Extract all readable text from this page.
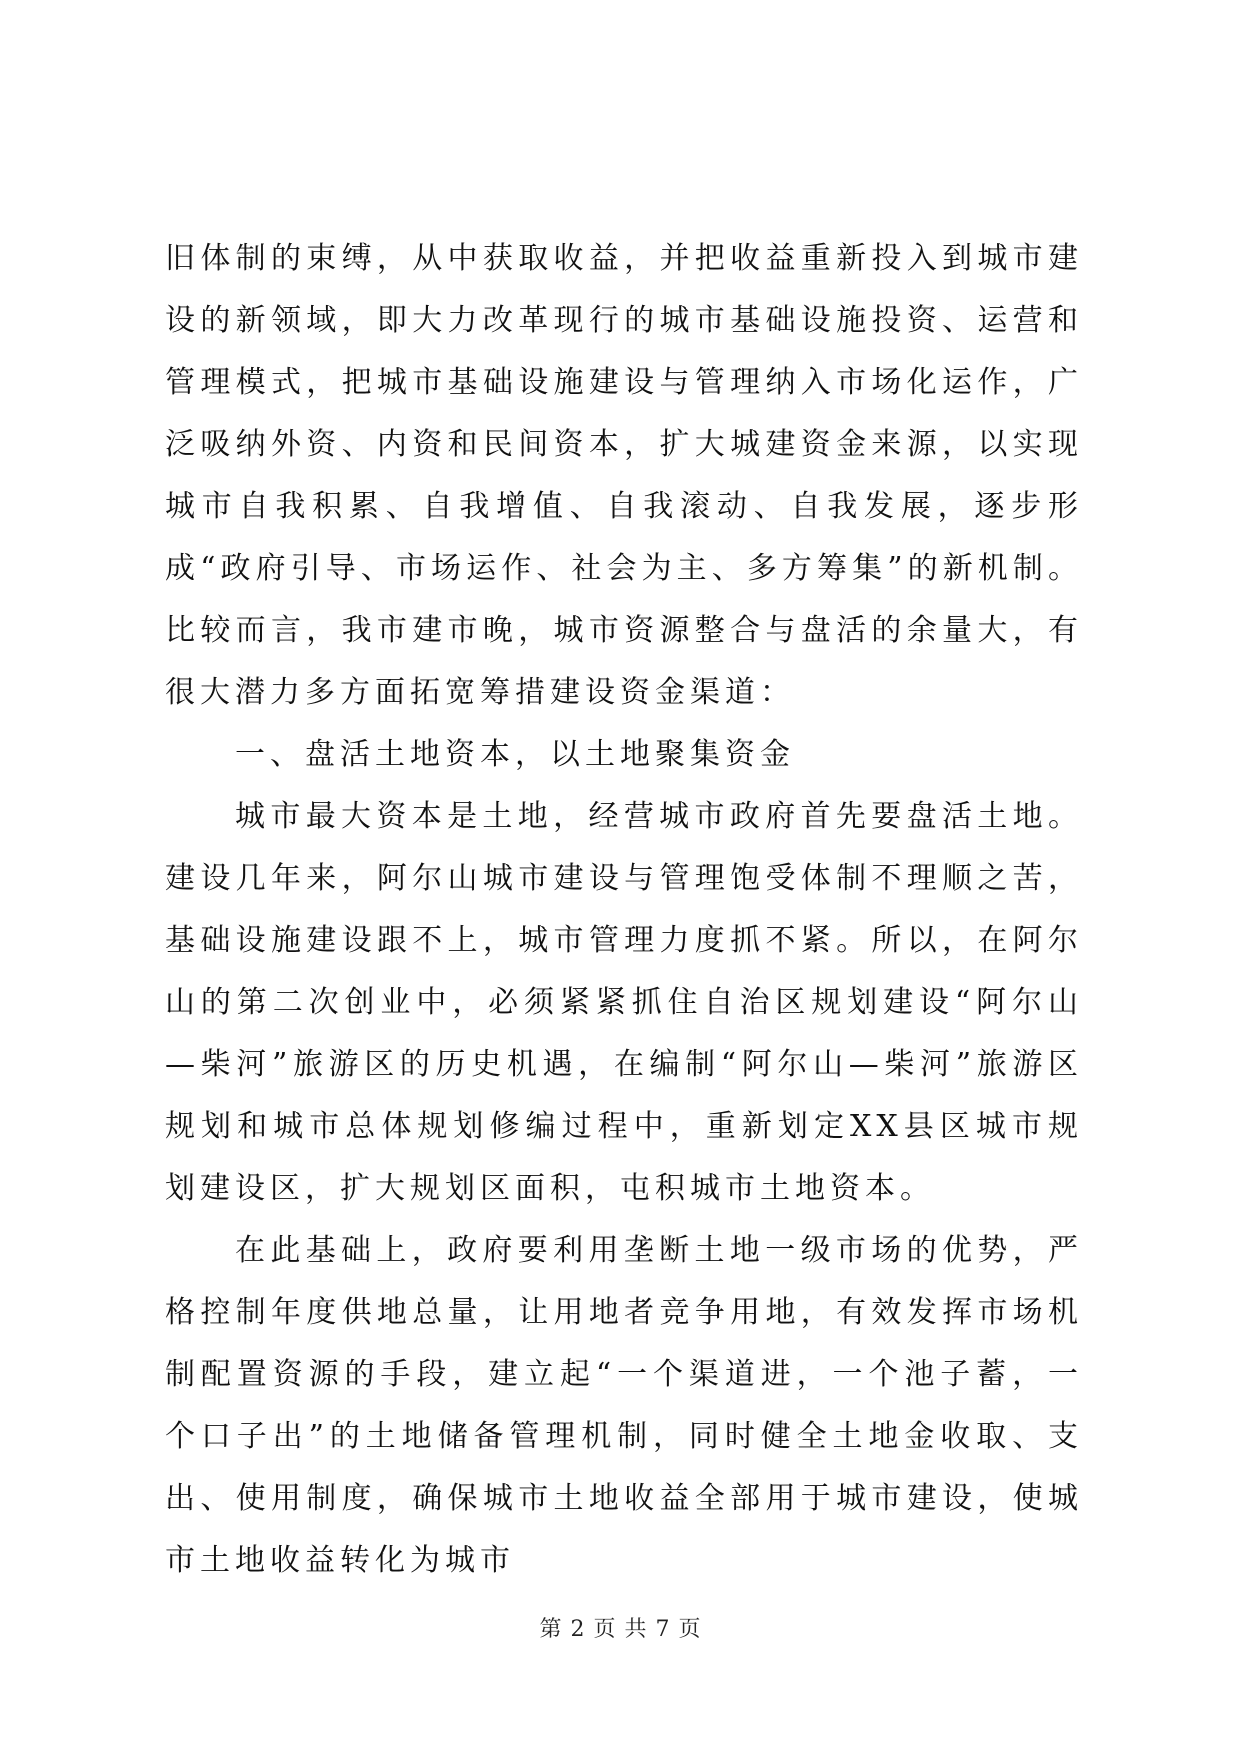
旧体制的束缚，从中获取收益，并把收益重新投入到城市建设的新领域，即大力改革现行的城市基础设施投资、运营和管理模式，把城市基础设施建设与管理纳入市场化运作，广泛吸纳外资、内资和民间资本，扩大城建资金来源，以实现城市自我积累、自我增值、自我滚动、自我发展，逐步形成“政府引导、市场运作、社会为主、多方筹集”的新机制。比较而言，我市建市晚，城市资源整合与盘活的余量大，有很大潜力多方面拓宽筹措建设资金渠道：

一、盘活土地资本，以土地聚集资金

城市最大资本是土地，经营城市政府首先要盘活土地。建设几年来，阿尔山城市建设与管理饱受体制不理顺之苦，基础设施建设跟不上，城市管理力度抓不紧。所以，在阿尔山的第二次创业中，必须紧紧抓住自治区规划建设“阿尔山—柴河”旅游区的历史机遇，在编制“阿尔山—柴河”旅游区规划和城市总体规划修编过程中，重新划定XX县区城市规划建设区，扩大规划区面积，屯积城市土地资本。

在此基础上，政府要利用垄断土地一级市场的优势，严格控制年度供地总量，让用地者竞争用地，有效发挥市场机制配置资源的手段，建立起“一个渠道进，一个池子蓄，一个口子出”的土地储备管理机制，同时健全土地金收取、支出、使用制度，确保城市土地收益全部用于城市建设，使城市土地收益转化为城市

第 2 页 共 7 页
